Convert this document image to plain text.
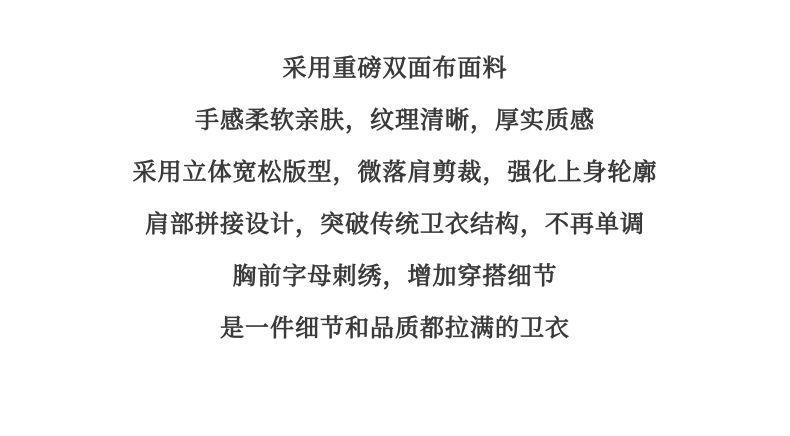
采用重磅双面布面料

手感柔软亲肤，纹理清晰，厚实质感

采用立体宽松版型，微落肩剪裁，强化上身轮廓

肩部拼接设计，突破传统卫衣结构，不再单调

胸前字母刺绣，增加穿搭细节

是一件细节和品质都拉满的卫衣
